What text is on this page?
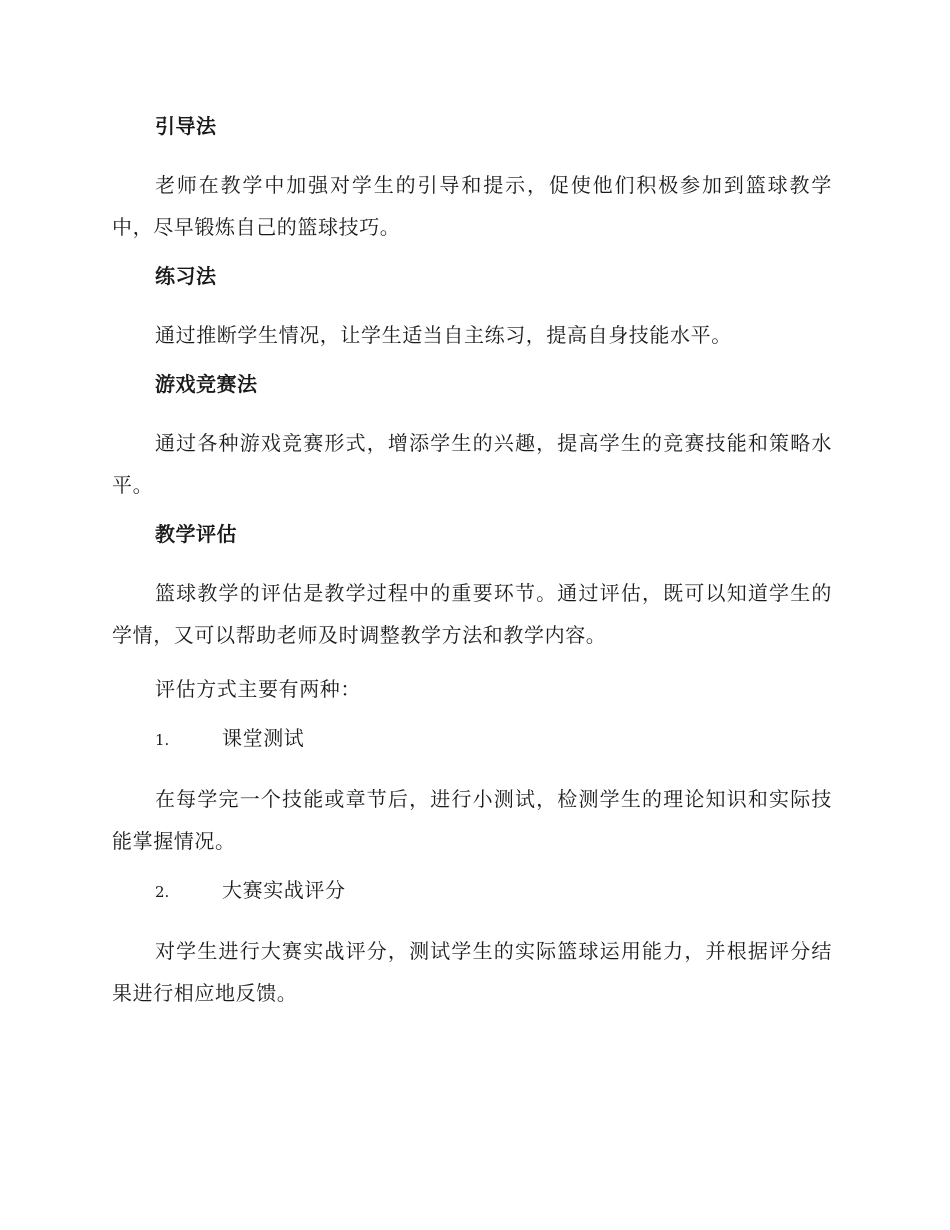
引导法
老师在教学中加强对学生的引导和提示，促使他们积极参加到篮球教学中，尽早锻炼自己的篮球技巧。
练习法
通过推断学生情况，让学生适当自主练习，提高自身技能水平。
游戏竞赛法
通过各种游戏竞赛形式，增添学生的兴趣，提高学生的竞赛技能和策略水平。
教学评估
篮球教学的评估是教学过程中的重要环节。通过评估，既可以知道学生的学情，又可以帮助老师及时调整教学方法和教学内容。
评估方式主要有两种：
1.	课堂测试
在每学完一个技能或章节后，进行小测试，检测学生的理论知识和实际技能掌握情况。
2.	大赛实战评分
对学生进行大赛实战评分，测试学生的实际篮球运用能力，并根据评分结果进行相应地反馈。
